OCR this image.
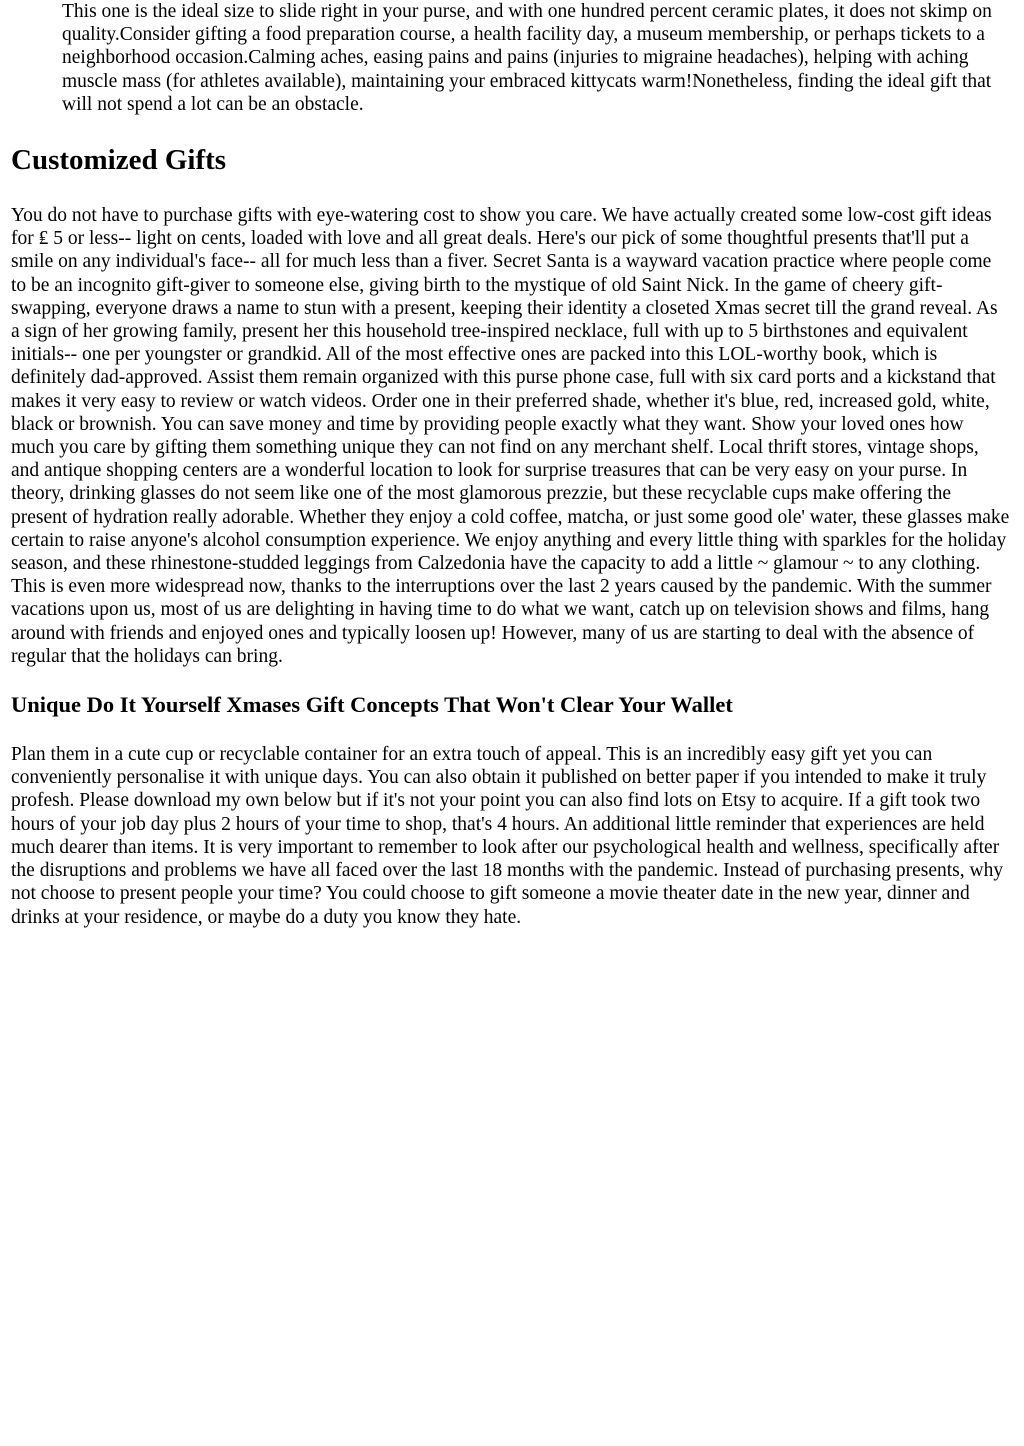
This one is the ideal size to slide right in your purse, and with one hundred percent ceramic plates, it does not skimp on quality.Consider gifting a food preparation course, a health facility day, a museum membership, or perhaps tickets to a neighborhood occasion.Calming aches, easing pains and pains (injuries to migraine headaches), helping with aching muscle mass (for athletes available), maintaining your embraced kittycats warm!Nonetheless, finding the ideal gift that will not spend a lot can be an obstacle.
Customized Gifts

You do not have to purchase gifts with eye-watering cost to show you care. We have actually created some low-cost gift ideas for ₤ 5 or less-- light on cents, loaded with love and all great deals. Here's our pick of some thoughtful presents that'll put a smile on any individual's face-- all for much less than a fiver. Secret Santa is a wayward vacation practice where people come to be an incognito gift-giver to someone else, giving birth to the mystique of old Saint Nick. In the game of cheery gift-swapping, everyone draws a name to stun with a present, keeping their identity a closeted Xmas secret till the grand reveal. As a sign of her growing family, present her this household tree-inspired necklace, full with up to 5 birthstones and equivalent initials-- one per youngster or grandkid. All of the most effective ones are packed into this LOL-worthy book, which is definitely dad-approved. Assist them remain organized with this purse phone case, full with six card ports and a kickstand that makes it very easy to review or watch videos. Order one in their preferred shade, whether it's blue, red, increased gold, white, black or brownish. You can save money and time by providing people exactly what they want. Show your loved ones how much you care by gifting them something unique they can not find on any merchant shelf. Local thrift stores, vintage shops, and antique shopping centers are a wonderful location to look for surprise treasures that can be very easy on your purse. In theory, drinking glasses do not seem like one of the most glamorous prezzie, but these recyclable cups make offering the present of hydration really adorable. Whether they enjoy a cold coffee, matcha, or just some good ole' water, these glasses make certain to raise anyone's alcohol consumption experience. We enjoy anything and every little thing with sparkles for the holiday season, and these rhinestone-studded leggings from Calzedonia have the capacity to add a little ~ glamour ~ to any clothing. This is even more widespread now, thanks to the interruptions over the last 2 years caused by the pandemic. With the summer vacations upon us, most of us are delighting in having time to do what we want, catch up on television shows and films, hang around with friends and enjoyed ones and typically loosen up! However, many of us are starting to deal with the absence of regular that the holidays can bring.

Unique Do It Yourself Xmases Gift Concepts That Won't Clear Your Wallet

Plan them in a cute cup or recyclable container for an extra touch of appeal. This is an incredibly easy gift yet you can conveniently personalise it with unique days. You can also obtain it published on better paper if you intended to make it truly profesh. Please download my own below but if it's not your point you can also find lots on Etsy to acquire. If a gift took two hours of your job day plus 2 hours of your time to shop, that's 4 hours. An additional little reminder that experiences are held much dearer than items. It is very important to remember to look after our psychological health and wellness, specifically after the disruptions and problems we have all faced over the last 18 months with the pandemic. Instead of purchasing presents, why not choose to present people your time? You could choose to gift someone a movie theater date in the new year, dinner and drinks at your residence, or maybe do a duty you know they hate.
